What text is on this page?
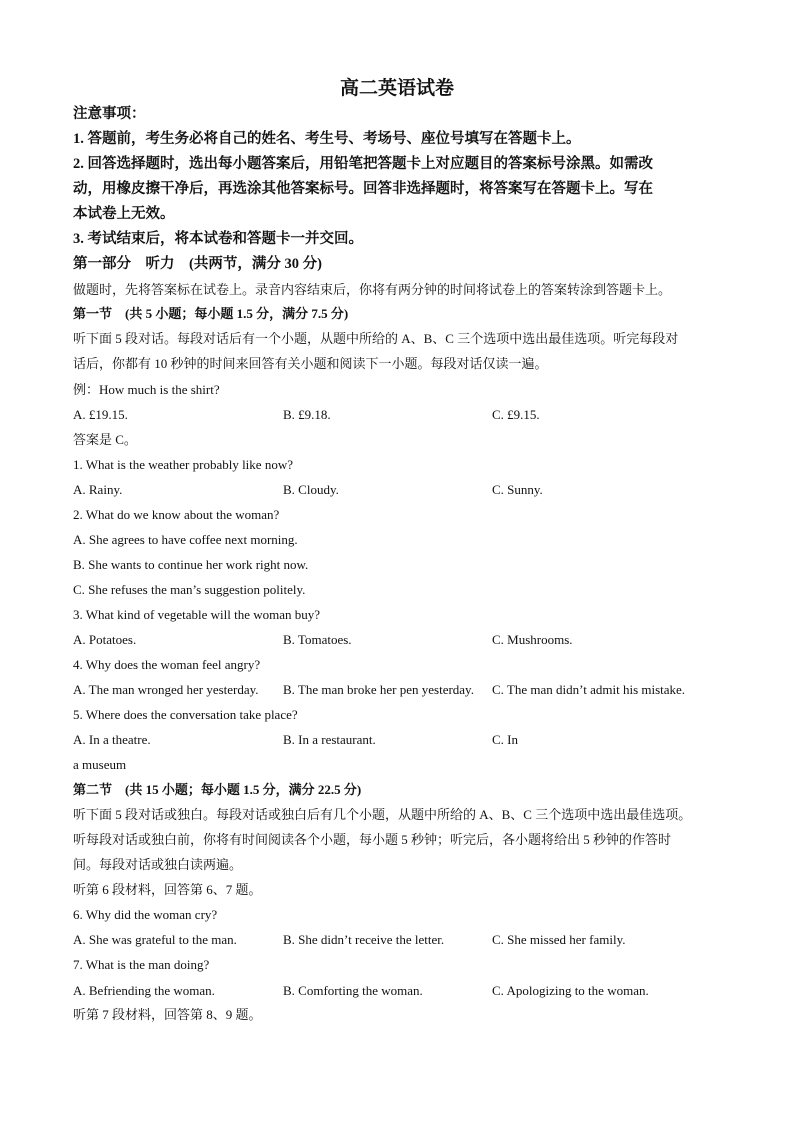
高二英语试卷
注意事项：
1. 答题前，考生务必将自己的姓名、考生号、考场号、座位号填写在答题卡上。
2. 回答选择题时，选出每小题答案后，用铅笔把答题卡上对应题目的答案标号涂黑。如需改
动，用橡皮擦干净后，再选涂其他答案标号。回答非选择题时，将答案写在答题卡上。写在
本试卷上无效。
3. 考试结束后，将本试卷和答题卡一并交回。
第一部分　听力　(共两节，满分 30 分)
做题时，先将答案标在试卷上。录音内容结束后，你将有两分钟的时间将试卷上的答案转涂到答题卡上。
第一节　(共 5 小题；每小题 1.5 分，满分 7.5 分)
听下面 5 段对话。每段对话后有一个小题，从题中所给的 A、B、C 三个选项中选出最佳选项。听完每段对
话后，你都有 10 秒钟的时间来回答有关小题和阅读下一小题。每段对话仅读一遍。
例：How much is the shirt?
A. £19.15.	B. £9.18.	C. £9.15.
答案是 C。
1. What is the weather probably like now?
A. Rainy.	B. Cloudy.	C. Sunny.
2. What do we know about the woman?
A. She agrees to have coffee next morning.
B. She wants to continue her work right now.
C. She refuses the man’s suggestion politely.
3. What kind of vegetable will the woman buy?
A. Potatoes.	B. Tomatoes.	C. Mushrooms.
4. Why does the woman feel angry?
A. The man wronged her yesterday. B. The man broke her pen yesterday. C. The man didn’t admit his mistake.
5. Where does the conversation take place?
A. In a theatre.	B. In a restaurant.	C. In
a museum
第二节　(共 15 小题；每小题 1.5 分，满分 22.5 分)
听下面 5 段对话或独白。每段对话或独白后有几个小题，从题中所给的 A、B、C 三个选项中选出最佳选项。
听每段对话或独白前，你将有时间阅读各个小题，每小题 5 秒钟；听完后，各小题将给出 5 秒钟的作答时
间。每段对话或独白读两遍。
听第 6 段材料，回答第 6、7 题。
6. Why did the woman cry?
A. She was grateful to the man.	B. She didn’t receive the letter.	C. She missed her family.
7. What is the man doing?
A. Befriending the woman.	B. Comforting the woman.	C. Apologizing to the woman.
听第 7 段材料，回答第 8、9 题。
